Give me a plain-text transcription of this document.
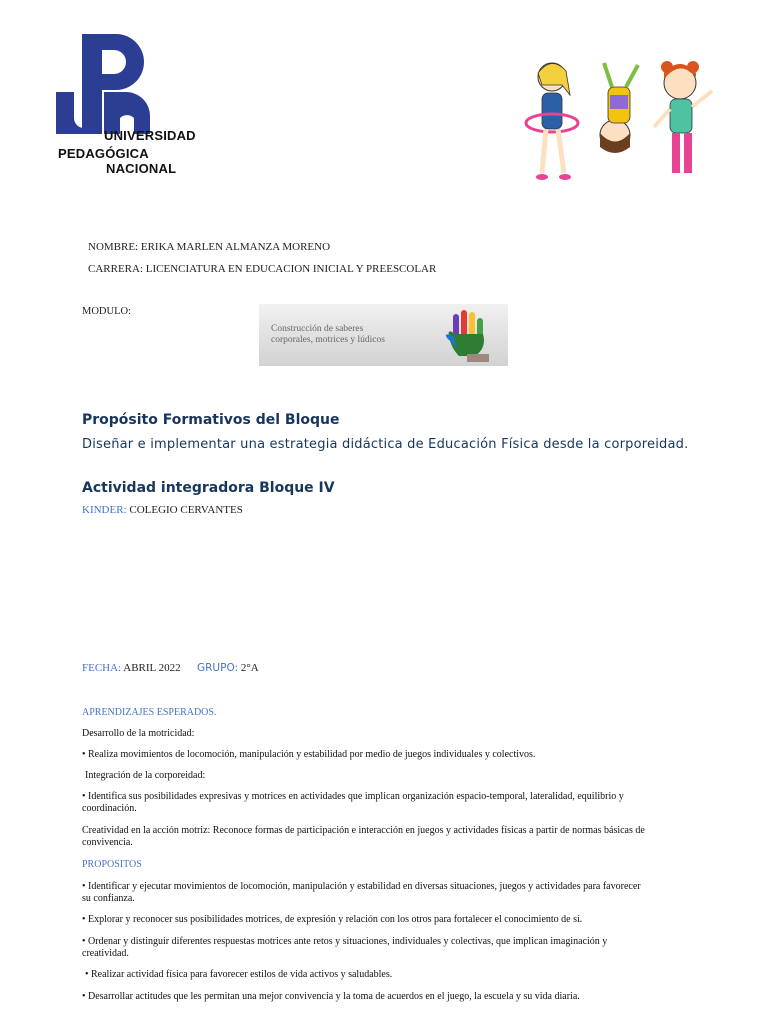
UNIVERSIDAD
PEDAGÓGICA
NACIONAL
NOMBRE: ERIKA MARLEN ALMANZA MORENO
CARRERA: LICENCIATURA EN EDUCACION INICIAL Y PREESCOLAR
MODULO:
Construcción de saberes
corporales, motrices y lúdicos
Propósito Formativos del Bloque
Diseñar e implementar una estrategia didáctica de Educación Física desde la corporeidad.
Actividad integradora Bloque IV
KINDER: COLEGIO CERVANTES
FECHA: ABRIL 2022 GRUPO: 2°A
APRENDIZAJES ESPERADOS.
Desarrollo de la motricidad:
• Realiza movimientos de locomoción, manipulación y estabilidad por medio de juegos individuales y colectivos.
Integración de la corporeidad:
• Identifica sus posibilidades expresivas y motrices en actividades que implican organización espacio-temporal, lateralidad, equilibrio y
coordinación.
Creatividad en la acción motriz: Reconoce formas de participación e interacción en juegos y actividades físicas a partir de normas básicas de
convivencia.
PROPOSITOS
• Identificar y ejecutar movimientos de locomoción, manipulación y estabilidad en diversas situaciones, juegos y actividades para favorecer
su confianza.
• Explorar y reconocer sus posibilidades motrices, de expresión y relación con los otros para fortalecer el conocimiento de sí.
• Ordenar y distinguir diferentes respuestas motrices ante retos y situaciones, individuales y colectivas, que implican imaginación y
creatividad.
• Realizar actividad física para favorecer estilos de vida activos y saludables.
• Desarrollar actitudes que les permitan una mejor convivencia y la toma de acuerdos en el juego, la escuela y su vida diaria.
